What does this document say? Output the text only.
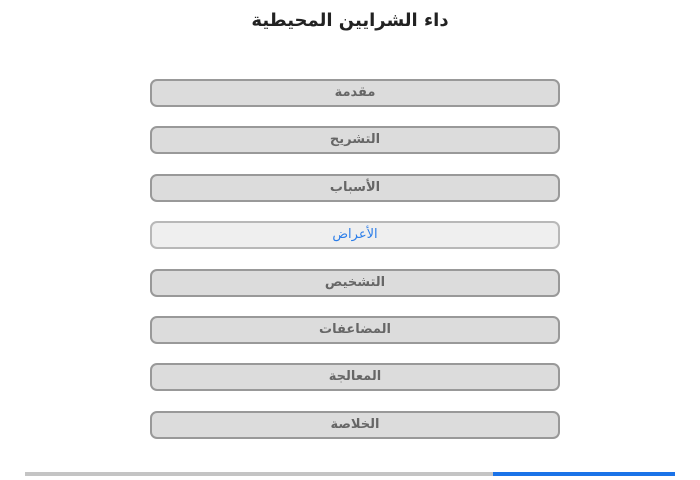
داء الشرايين المحيطية
مقدمة
التشريح
الأسباب
الأعراض
التشخيص
المضاعفات
المعالجة
الخلاصة
